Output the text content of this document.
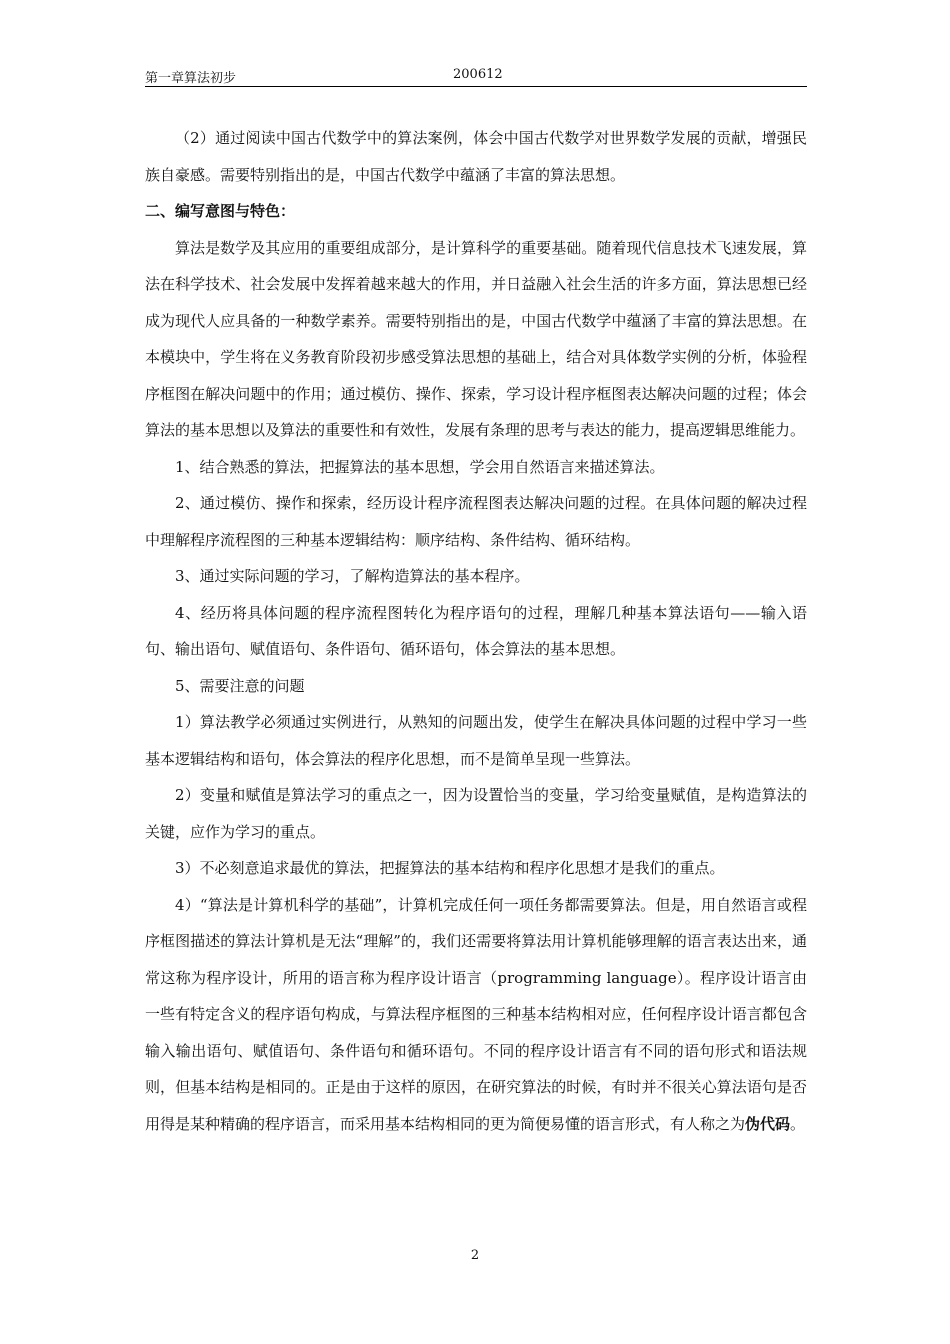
第一章算法初步	200612

（2）通过阅读中国古代数学中的算法案例，体会中国古代数学对世界数学发展的贡献，增强民族自豪感。需要特别指出的是，中国古代数学中蕴涵了丰富的算法思想。

二、编写意图与特色：

算法是数学及其应用的重要组成部分，是计算科学的重要基础。随着现代信息技术飞速发展，算法在科学技术、社会发展中发挥着越来越大的作用，并日益融入社会生活的许多方面，算法思想已经成为现代人应具备的一种数学素养。需要特别指出的是，中国古代数学中蕴涵了丰富的算法思想。在本模块中，学生将在义务教育阶段初步感受算法思想的基础上，结合对具体数学实例的分析，体验程序框图在解决问题中的作用；通过模仿、操作、探索，学习设计程序框图表达解决问题的过程；体会算法的基本思想以及算法的重要性和有效性，发展有条理的思考与表达的能力，提高逻辑思维能力。

1、结合熟悉的算法，把握算法的基本思想，学会用自然语言来描述算法。

2、通过模仿、操作和探索，经历设计程序流程图表达解决问题的过程。在具体问题的解决过程中理解程序流程图的三种基本逻辑结构：顺序结构、条件结构、循环结构。

3、通过实际问题的学习，了解构造算法的基本程序。

4、经历将具体问题的程序流程图转化为程序语句的过程，理解几种基本算法语句——输入语句、输出语句、赋值语句、条件语句、循环语句，体会算法的基本思想。

5、需要注意的问题

1）算法教学必须通过实例进行，从熟知的问题出发，使学生在解决具体问题的过程中学习一些基本逻辑结构和语句，体会算法的程序化思想，而不是简单呈现一些算法。

2）变量和赋值是算法学习的重点之一，因为设置恰当的变量，学习给变量赋值，是构造算法的关键，应作为学习的重点。

3）不必刻意追求最优的算法，把握算法的基本结构和程序化思想才是我们的重点。

4）“算法是计算机科学的基础”，计算机完成任何一项任务都需要算法。但是，用自然语言或程序框图描述的算法计算机是无法“理解”的，我们还需要将算法用计算机能够理解的语言表达出来，通常这称为程序设计，所用的语言称为程序设计语言（programming language）。程序设计语言由一些有特定含义的程序语句构成，与算法程序框图的三种基本结构相对应，任何程序设计语言都包含输入输出语句、赋值语句、条件语句和循环语句。不同的程序设计语言有不同的语句形式和语法规则，但基本结构是相同的。正是由于这样的原因，在研究算法的时候，有时并不很关心算法语句是否用得是某种精确的程序语言，而采用基本结构相同的更为简便易懂的语言形式，有人称之为伪代码。

2
